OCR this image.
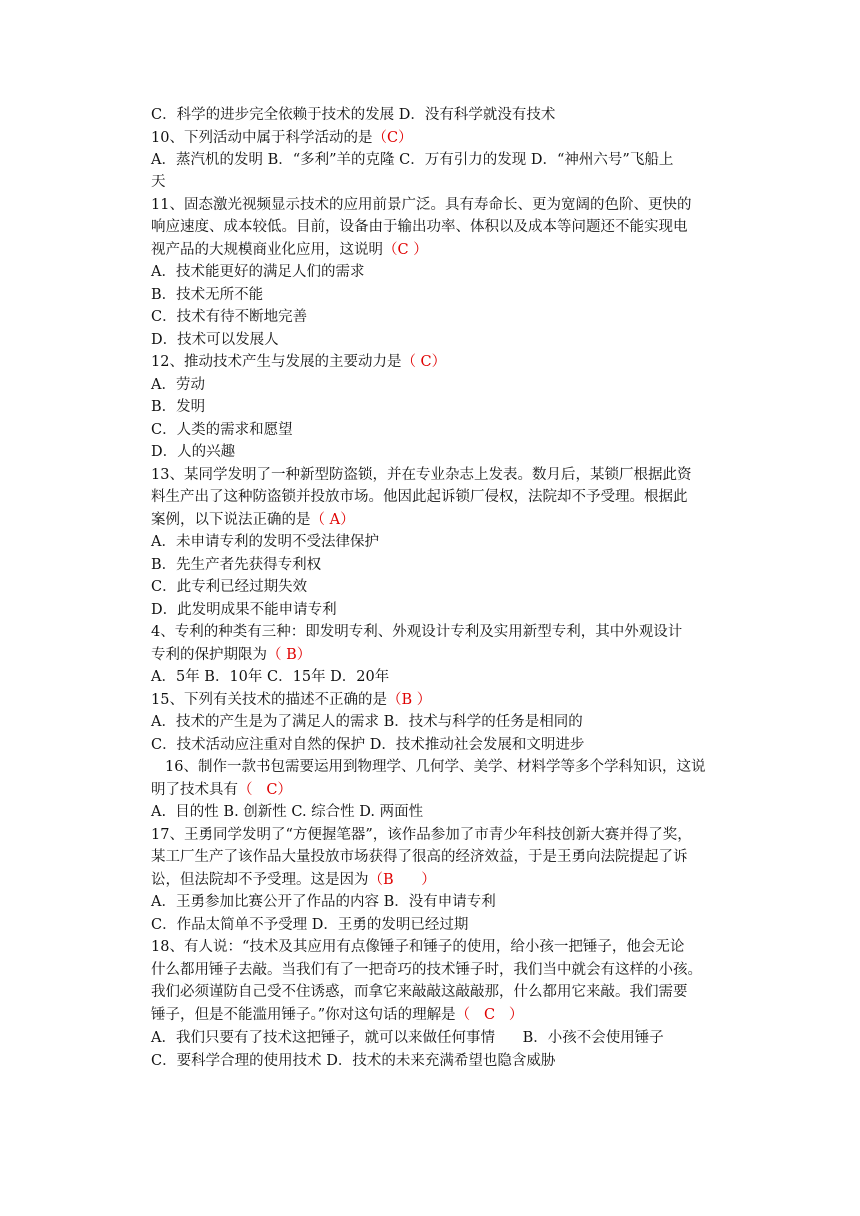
C．科学的进步完全依赖于技术的发展 D．没有科学就没有技术
10、下列活动中属于科学活动的是（C）
A．蒸汽机的发明 B．“多利”羊的克隆 C．万有引力的发现 D．“神州六号”飞船上
天
11、固态激光视频显示技术的应用前景广泛。具有寿命长、更为宽阔的色阶、更快的
响应速度、成本较低。目前，设备由于输出功率、体积以及成本等问题还不能实现电
视产品的大规模商业化应用，这说明（C ）
A．技术能更好的满足人们的需求
B．技术无所不能
C．技术有待不断地完善
D．技术可以发展人
12、推动技术产生与发展的主要动力是（ C）
A．劳动
B．发明
C．人类的需求和愿望
D．人的兴趣
13、某同学发明了一种新型防盗锁，并在专业杂志上发表。数月后，某锁厂根据此资
料生产出了这种防盗锁并投放市场。他因此起诉锁厂侵权，法院却不予受理。根据此
案例，以下说法正确的是（ A）
A．未申请专利的发明不受法律保护
B．先生产者先获得专利权
C．此专利已经过期失效
D．此发明成果不能申请专利
4、专利的种类有三种：即发明专利、外观设计专利及实用新型专利，其中外观设计
专利的保护期限为（ B）
A．5年 B．10年 C．15年 D．20年
15、下列有关技术的描述不正确的是（B ）
A．技术的产生是为了满足人的需求 B．技术与科学的任务是相同的
C．技术活动应注重对自然的保护 D．技术推动社会发展和文明进步
16、制作一款书包需要运用到物理学、几何学、美学、材料学等多个学科知识，这说
明了技术具有（   C）
A.  目的性 B. 创新性 C. 综合性 D. 两面性
17、王勇同学发明了“方便握笔器”，该作品参加了市青少年科技创新大赛并得了奖，
某工厂生产了该作品大量投放市场获得了很高的经济效益，于是王勇向法院提起了诉
讼，但法院却不予受理。这是因为（B      ）
A．王勇参加比赛公开了作品的内容 B．没有申请专利
C．作品太简单不予受理 D．王勇的发明已经过期
18、有人说：“技术及其应用有点像锤子和锤子的使用，给小孩一把锤子，他会无论
什么都用锤子去敲。当我们有了一把奇巧的技术锤子时，我们当中就会有这样的小孩。
我们必须谨防自己受不住诱惑，而拿它来敲敲这敲敲那，什么都用它来敲。我们需要
锤子，但是不能滥用锤子。”你对这句话的理解是（   C   ）
A．我们只要有了技术这把锤子，就可以来做任何事情      B．小孩不会使用锤子
C．要科学合理的使用技术 D．技术的未来充满希望也隐含威胁
